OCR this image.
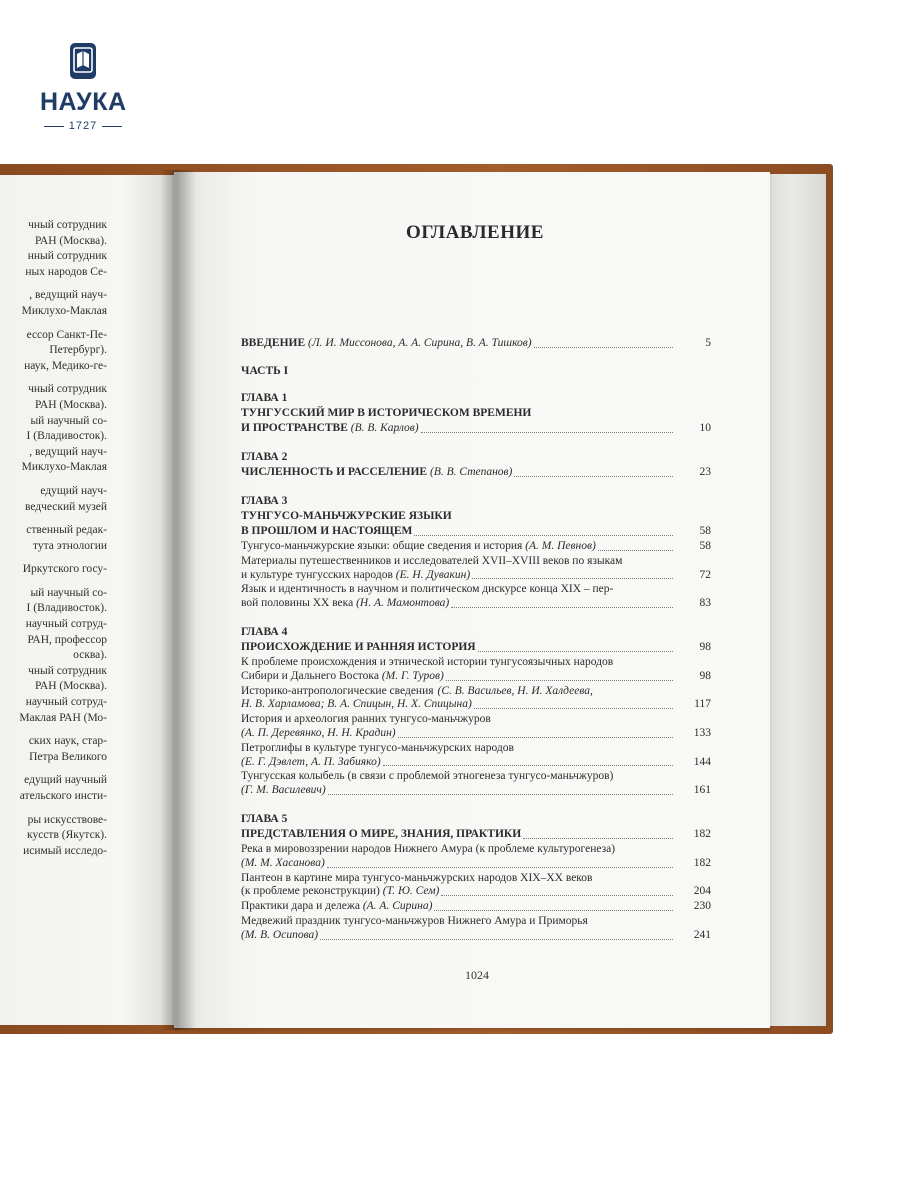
НАУКА
1727
чный сотрудник
РАН (Москва).
нный сотрудник
ных народов Се-
, ведущий науч-
Миклухо-Маклая
ессор Санкт-Пе-
Петербург).
наук, Медико-ге-
чный сотрудник
РАН (Москва).
ый научный со-
I (Владивосток).
, ведущий науч-
Миклухо-Маклая
едущий науч-
ведческий музей
ственный редак-
тута этнологии
Иркутского госу-
ый научный со-
I (Владивосток).
научный сотруд-
РАН, профессор
осква).
чный сотрудник
РАН (Москва).
научный сотруд-
Маклая РАН (Мо-
ских наук, стар-
Петра Великого
едущий научный
ательского инсти-
ры искусствове-
кусств (Якутск).
исимый исследо-
ОГЛАВЛЕНИЕ
ВВЕДЕНИЕ (Л. И. Миссонова, А. А. Сирина, В. А. Тишков)	5
ЧАСТЬ I
ГЛАВА 1
ТУНГУССКИЙ МИР В ИСТОРИЧЕСКОМ ВРЕМЕНИ
И ПРОСТРАНСТВЕ (В. В. Карлов)	10
ГЛАВА 2
ЧИСЛЕННОСТЬ И РАССЕЛЕНИЕ (В. В. Степанов)	23
ГЛАВА 3
ТУНГУСО-МАНЬЧЖУРСКИЕ ЯЗЫКИ
В ПРОШЛОМ И НАСТОЯЩЕМ	58
Тунгусо-маньчжурские языки: общие сведения и история (А. М. Певнов)	58
Материалы путешественников и исследователей XVII–XVIII веков по языкам
и культуре тунгусских народов (Е. Н. Дувакин)	72
Язык и идентичность в научном и политическом дискурсе конца XIX – пер-
вой половины XX века (Н. А. Мамонтова)	83
ГЛАВА 4
ПРОИСХОЖДЕНИЕ И РАННЯЯ ИСТОРИЯ	98
К проблеме происхождения и этнической истории тунгусоязычных народов
Сибири и Дальнего Востока (М. Г. Туров)	98
Историко-антропологические сведения (С. В. Васильев, Н. И. Халдеева,
Н. В. Харламова; В. А. Спицын, Н. Х. Спицына)	117
История и археология ранних тунгусо-маньчжуров
(А. П. Деревянко, Н. Н. Крадин)	133
Петроглифы в культуре тунгусо-маньчжурских народов
(Е. Г. Дэвлет, А. П. Забияко)	144
Тунгусская колыбель (в связи с проблемой этногенеза тунгусо-маньчжуров)
(Г. М. Василевич)	161
ГЛАВА 5
ПРЕДСТАВЛЕНИЯ О МИРЕ, ЗНАНИЯ, ПРАКТИКИ	182
Река в мировоззрении народов Нижнего Амура (к проблеме культурогенеза)
(М. М. Хасанова)	182
Пантеон в картине мира тунгусо-маньчжурских народов XIX–XX веков
(к проблеме реконструкции) (Т. Ю. Сем)	204
Практики дара и дележа (А. А. Сирина)	230
Медвежий праздник тунгусо-маньчжуров Нижнего Амура и Приморья
(М. В. Осипова)	241
1024
